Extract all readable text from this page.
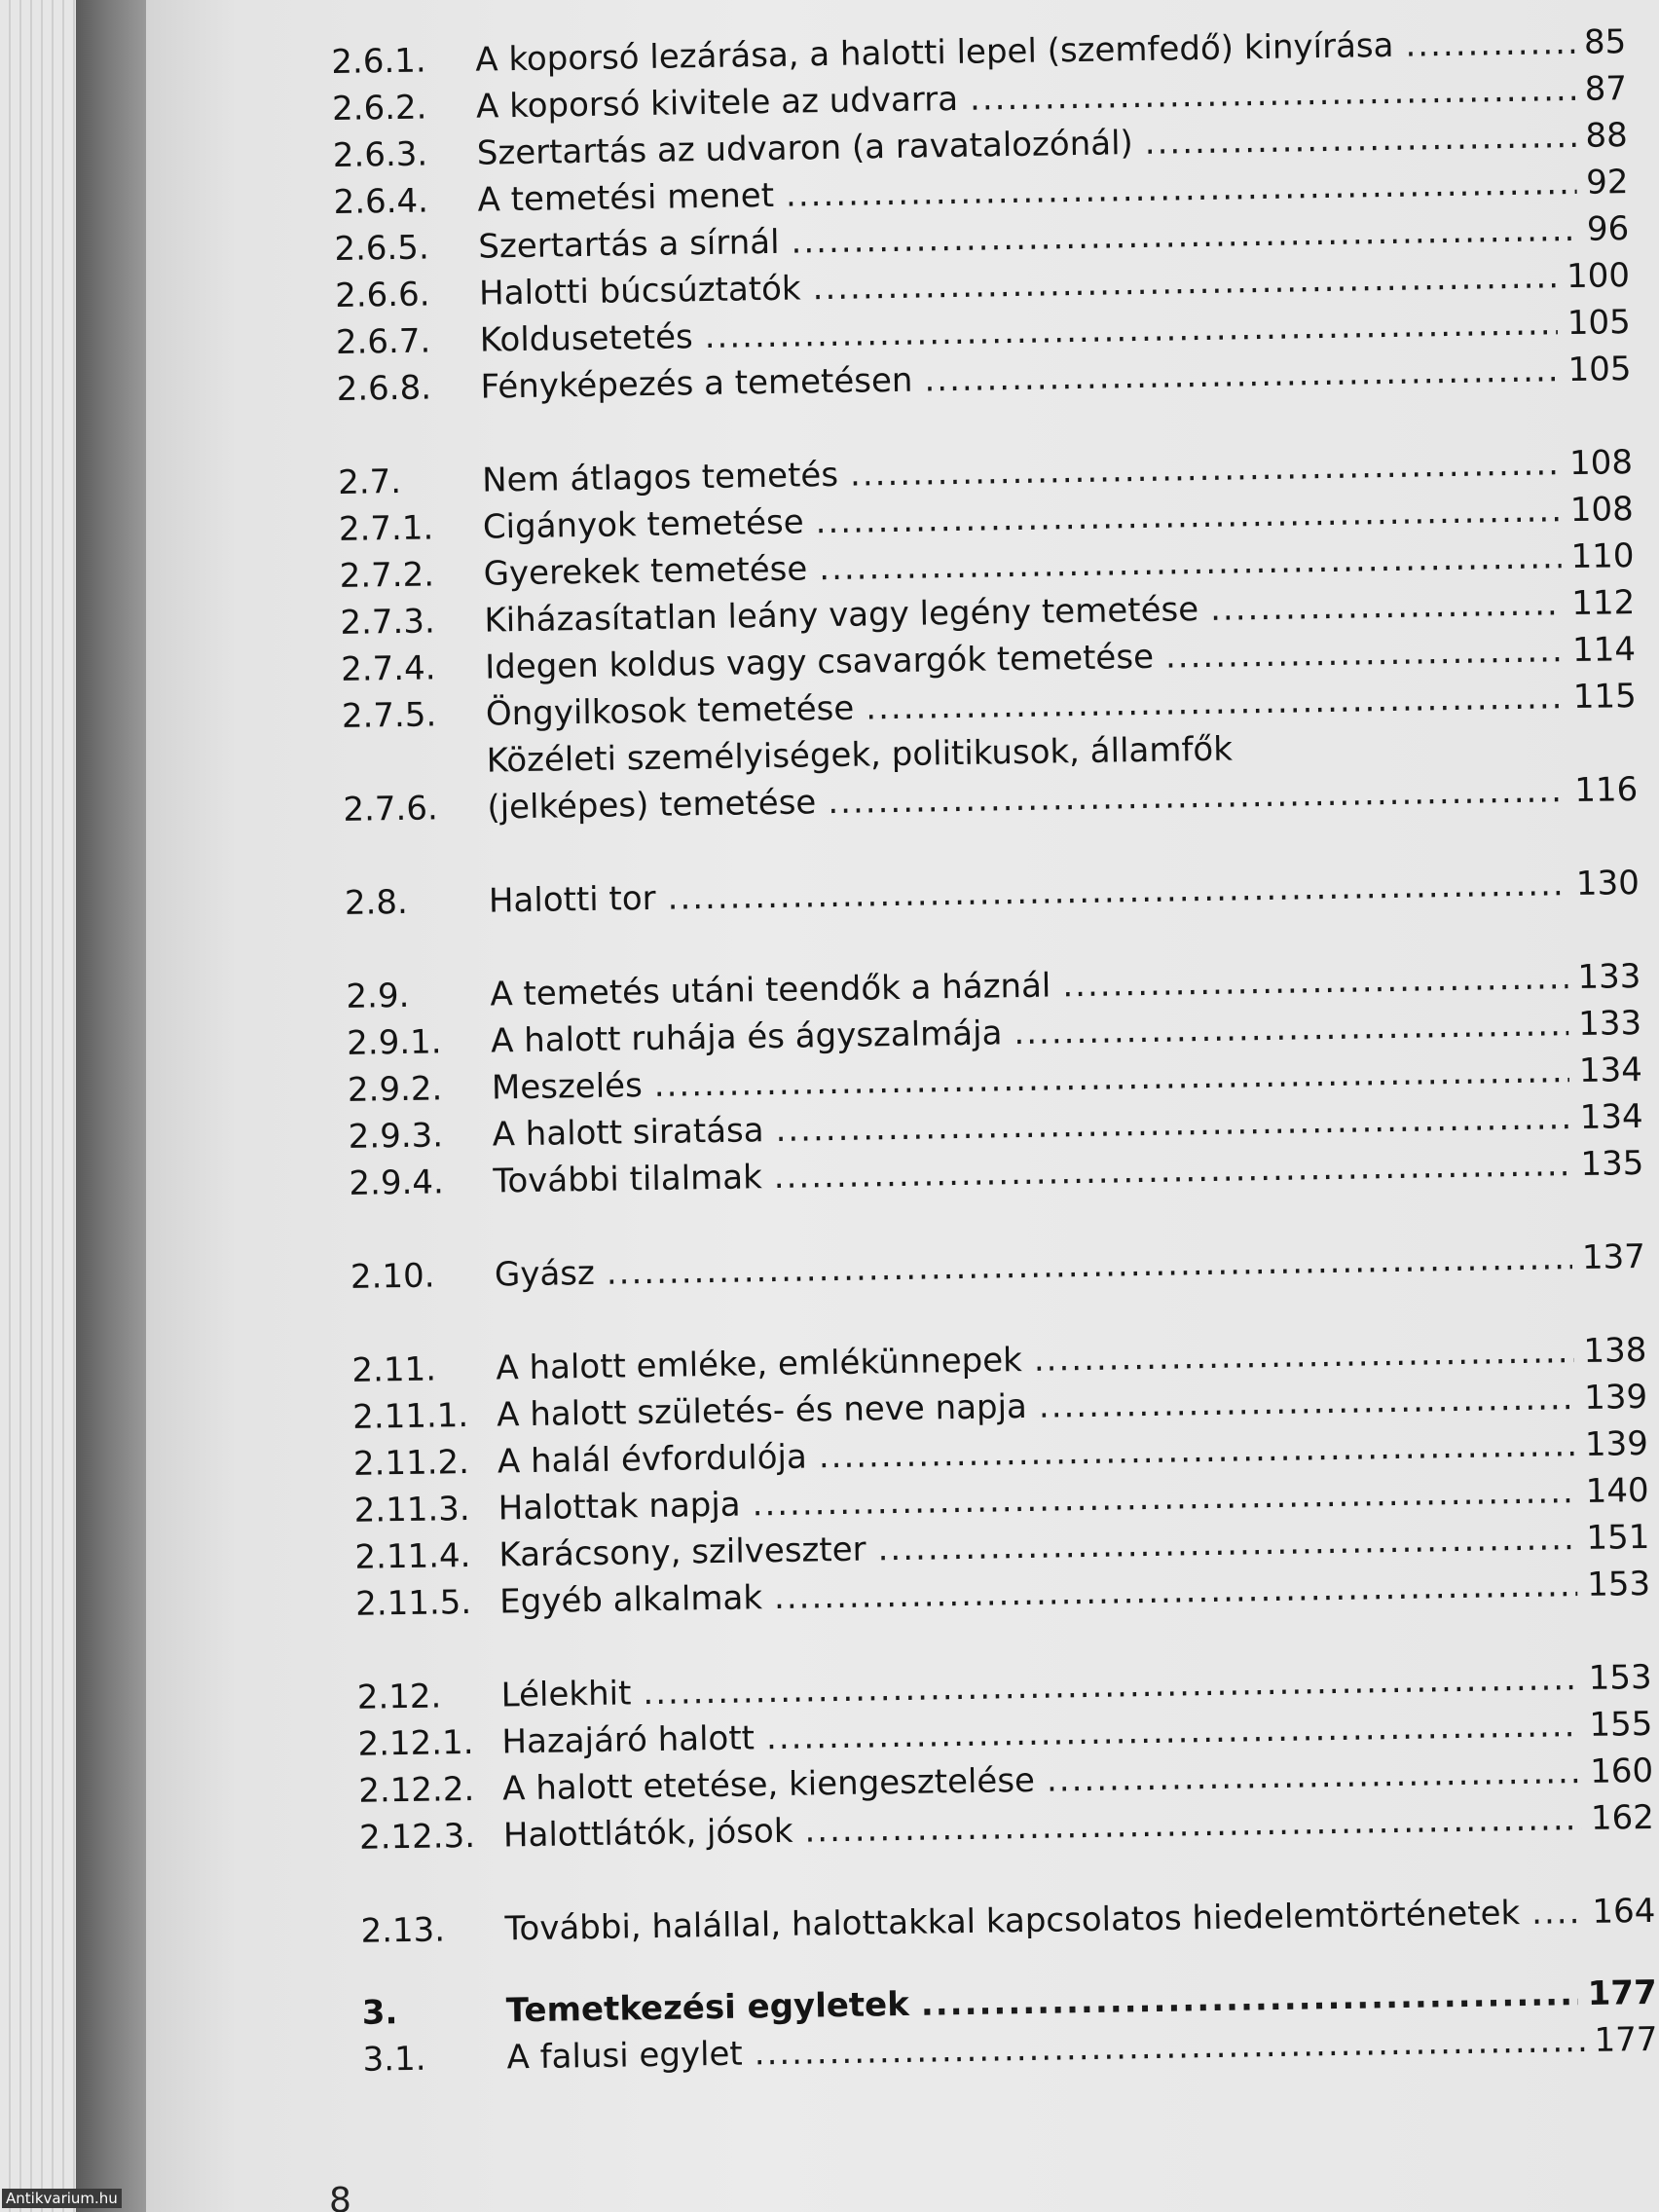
2.6.1. A koporsó lezárása, a halotti lepel (szemfedő) kinyírása .....	85
2.6.2. A koporsó kivitele az udvarra .....	87
2.6.3. Szertartás az udvaron (a ravatalozónál) .....	88
2.6.4. A temetési menet .....	92
2.6.5. Szertartás a sírnál .....	96
2.6.6. Halotti búcsúztatók .....	100
2.6.7. Koldusetetés .....	105
2.6.8. Fényképezés a temetésen .....	105
2.7. Nem átlagos temetés .....	108
2.7.1. Cigányok temetése .....	108
2.7.2. Gyerekek temetése .....	110
2.7.3. Kiházasítatlan leány vagy legény temetése .....	112
2.7.4. Idegen koldus vagy csavargók temetése .....	114
2.7.5. Öngyilkosok temetése .....	115
2.7.6.
Közéleti személyiségek, politikusok, államfők
(jelképes) temetése .....	116
2.8. Halotti tor .....	130
2.9. A temetés utáni teendők a háznál .....	133
2.9.1. A halott ruhája és ágyszalmája .....	133
2.9.2. Meszelés .....	134
2.9.3. A halott siratása .....	134
2.9.4. További tilalmak .....	135
2.10. Gyász .....	137
2.11. A halott emléke, emlékünnepek .....	138
2.11.1. A halott születés- és neve napja .....	139
2.11.2. A halál évfordulója .....	139
2.11.3. Halottak napja .....	140
2.11.4. Karácsony, szilveszter .....	151
2.11.5. Egyéb alkalmak .....	153
2.12. Lélekhit .....	153
2.12.1. Hazajáró halott .....	155
2.12.2. A halott etetése, kiengesztelése .....	160
2.12.3. Halottlátók, jósok .....	162
2.13. További, halállal, halottakkal kapcsolatos hiedelemtörténetek .....	164
3.	Temetkezési egyletek .....	177
3.1. A falusi egylet .....	177
8
Antikvarium.hu
